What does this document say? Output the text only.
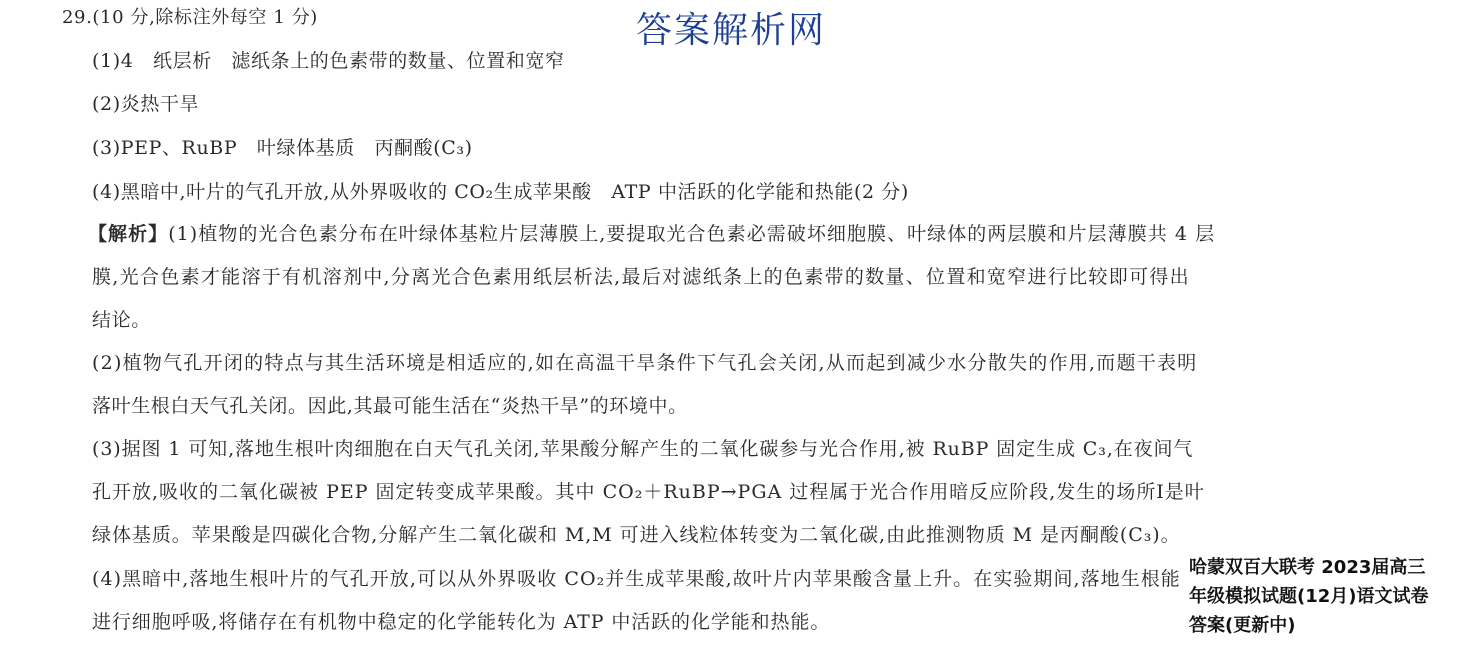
29.(10 分,除标注外每空 1 分)	答案解析网
(1)4　纸层析　滤纸条上的色素带的数量、位置和宽窄
(2)炎热干旱
(3)PEP、RuBP　叶绿体基质　丙酮酸(C₃)
(4)黑暗中,叶片的气孔开放,从外界吸收的 CO₂生成苹果酸　ATP 中活跃的化学能和热能(2 分)
【解析】(1)植物的光合色素分布在叶绿体基粒片层薄膜上,要提取光合色素必需破坏细胞膜、叶绿体的两层膜和片层薄膜共 4 层
膜,光合色素才能溶于有机溶剂中,分离光合色素用纸层析法,最后对滤纸条上的色素带的数量、位置和宽窄进行比较即可得出
结论。
(2)植物气孔开闭的特点与其生活环境是相适应的,如在高温干旱条件下气孔会关闭,从而起到减少水分散失的作用,而题干表明
落叶生根白天气孔关闭。因此,其最可能生活在“炎热干旱”的环境中。
(3)据图 1 可知,落地生根叶肉细胞在白天气孔关闭,苹果酸分解产生的二氧化碳参与光合作用,被 RuBP 固定生成 C₃,在夜间气
孔开放,吸收的二氧化碳被 PEP 固定转变成苹果酸。其中 CO₂＋RuBP→PGA 过程属于光合作用暗反应阶段,发生的场所Ⅰ是叶
绿体基质。苹果酸是四碳化合物,分解产生二氧化碳和 M,M 可进入线粒体转变为二氧化碳,由此推测物质 M 是丙酮酸(C₃)。
(4)黑暗中,落地生根叶片的气孔开放,可以从外界吸收 CO₂并生成苹果酸,故叶片内苹果酸含量上升。在实验期间,落地生根能
进行细胞呼吸,将储存在有机物中稳定的化学能转化为 ATP 中活跃的化学能和热能。
哈蒙双百大联考 2023届高三
年级模拟试题(12月)语文试卷
答案(更新中)
